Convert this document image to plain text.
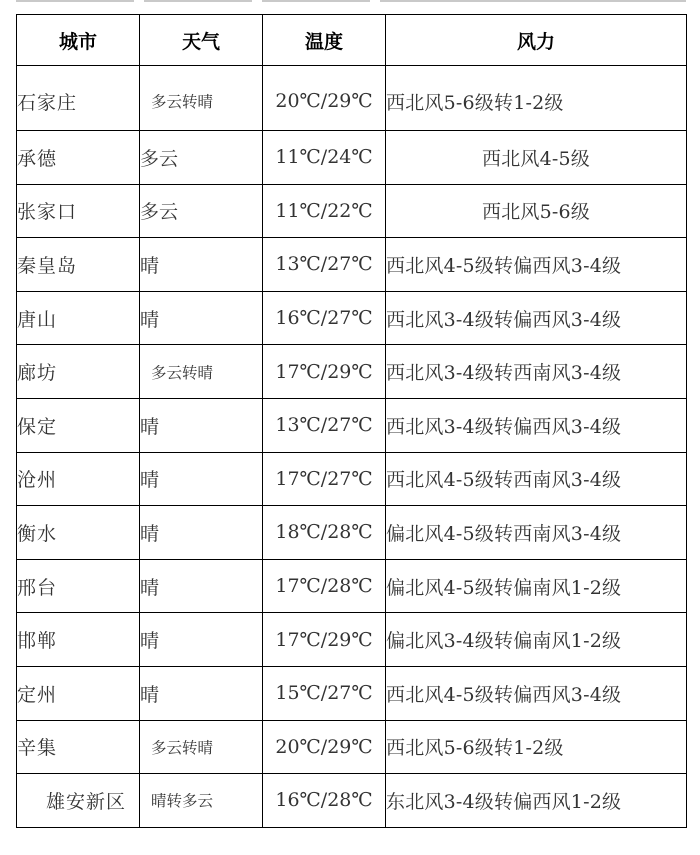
城市	天气	温度	风力
石家庄	多云转晴	20℃/29℃	西北风5-6级转1-2级
承德	多云	11℃/24℃	西北风4-5级
张家口	多云	11℃/22℃	西北风5-6级
秦皇岛	晴	13℃/27℃	西北风4-5级转偏西风3-4级
唐山	晴	16℃/27℃	西北风3-4级转偏西风3-4级
廊坊	多云转晴	17℃/29℃	西北风3-4级转西南风3-4级
保定	晴	13℃/27℃	西北风3-4级转偏西风3-4级
沧州	晴	17℃/27℃	西北风4-5级转西南风3-4级
衡水	晴	18℃/28℃	偏北风4-5级转西南风3-4级
邢台	晴	17℃/28℃	偏北风4-5级转偏南风1-2级
邯郸	晴	17℃/29℃	偏北风3-4级转偏南风1-2级
定州	晴	15℃/27℃	西北风4-5级转偏西风3-4级
辛集	多云转晴	20℃/29℃	西北风5-6级转1-2级
雄安新区	晴转多云	16℃/28℃	东北风3-4级转偏西风1-2级
